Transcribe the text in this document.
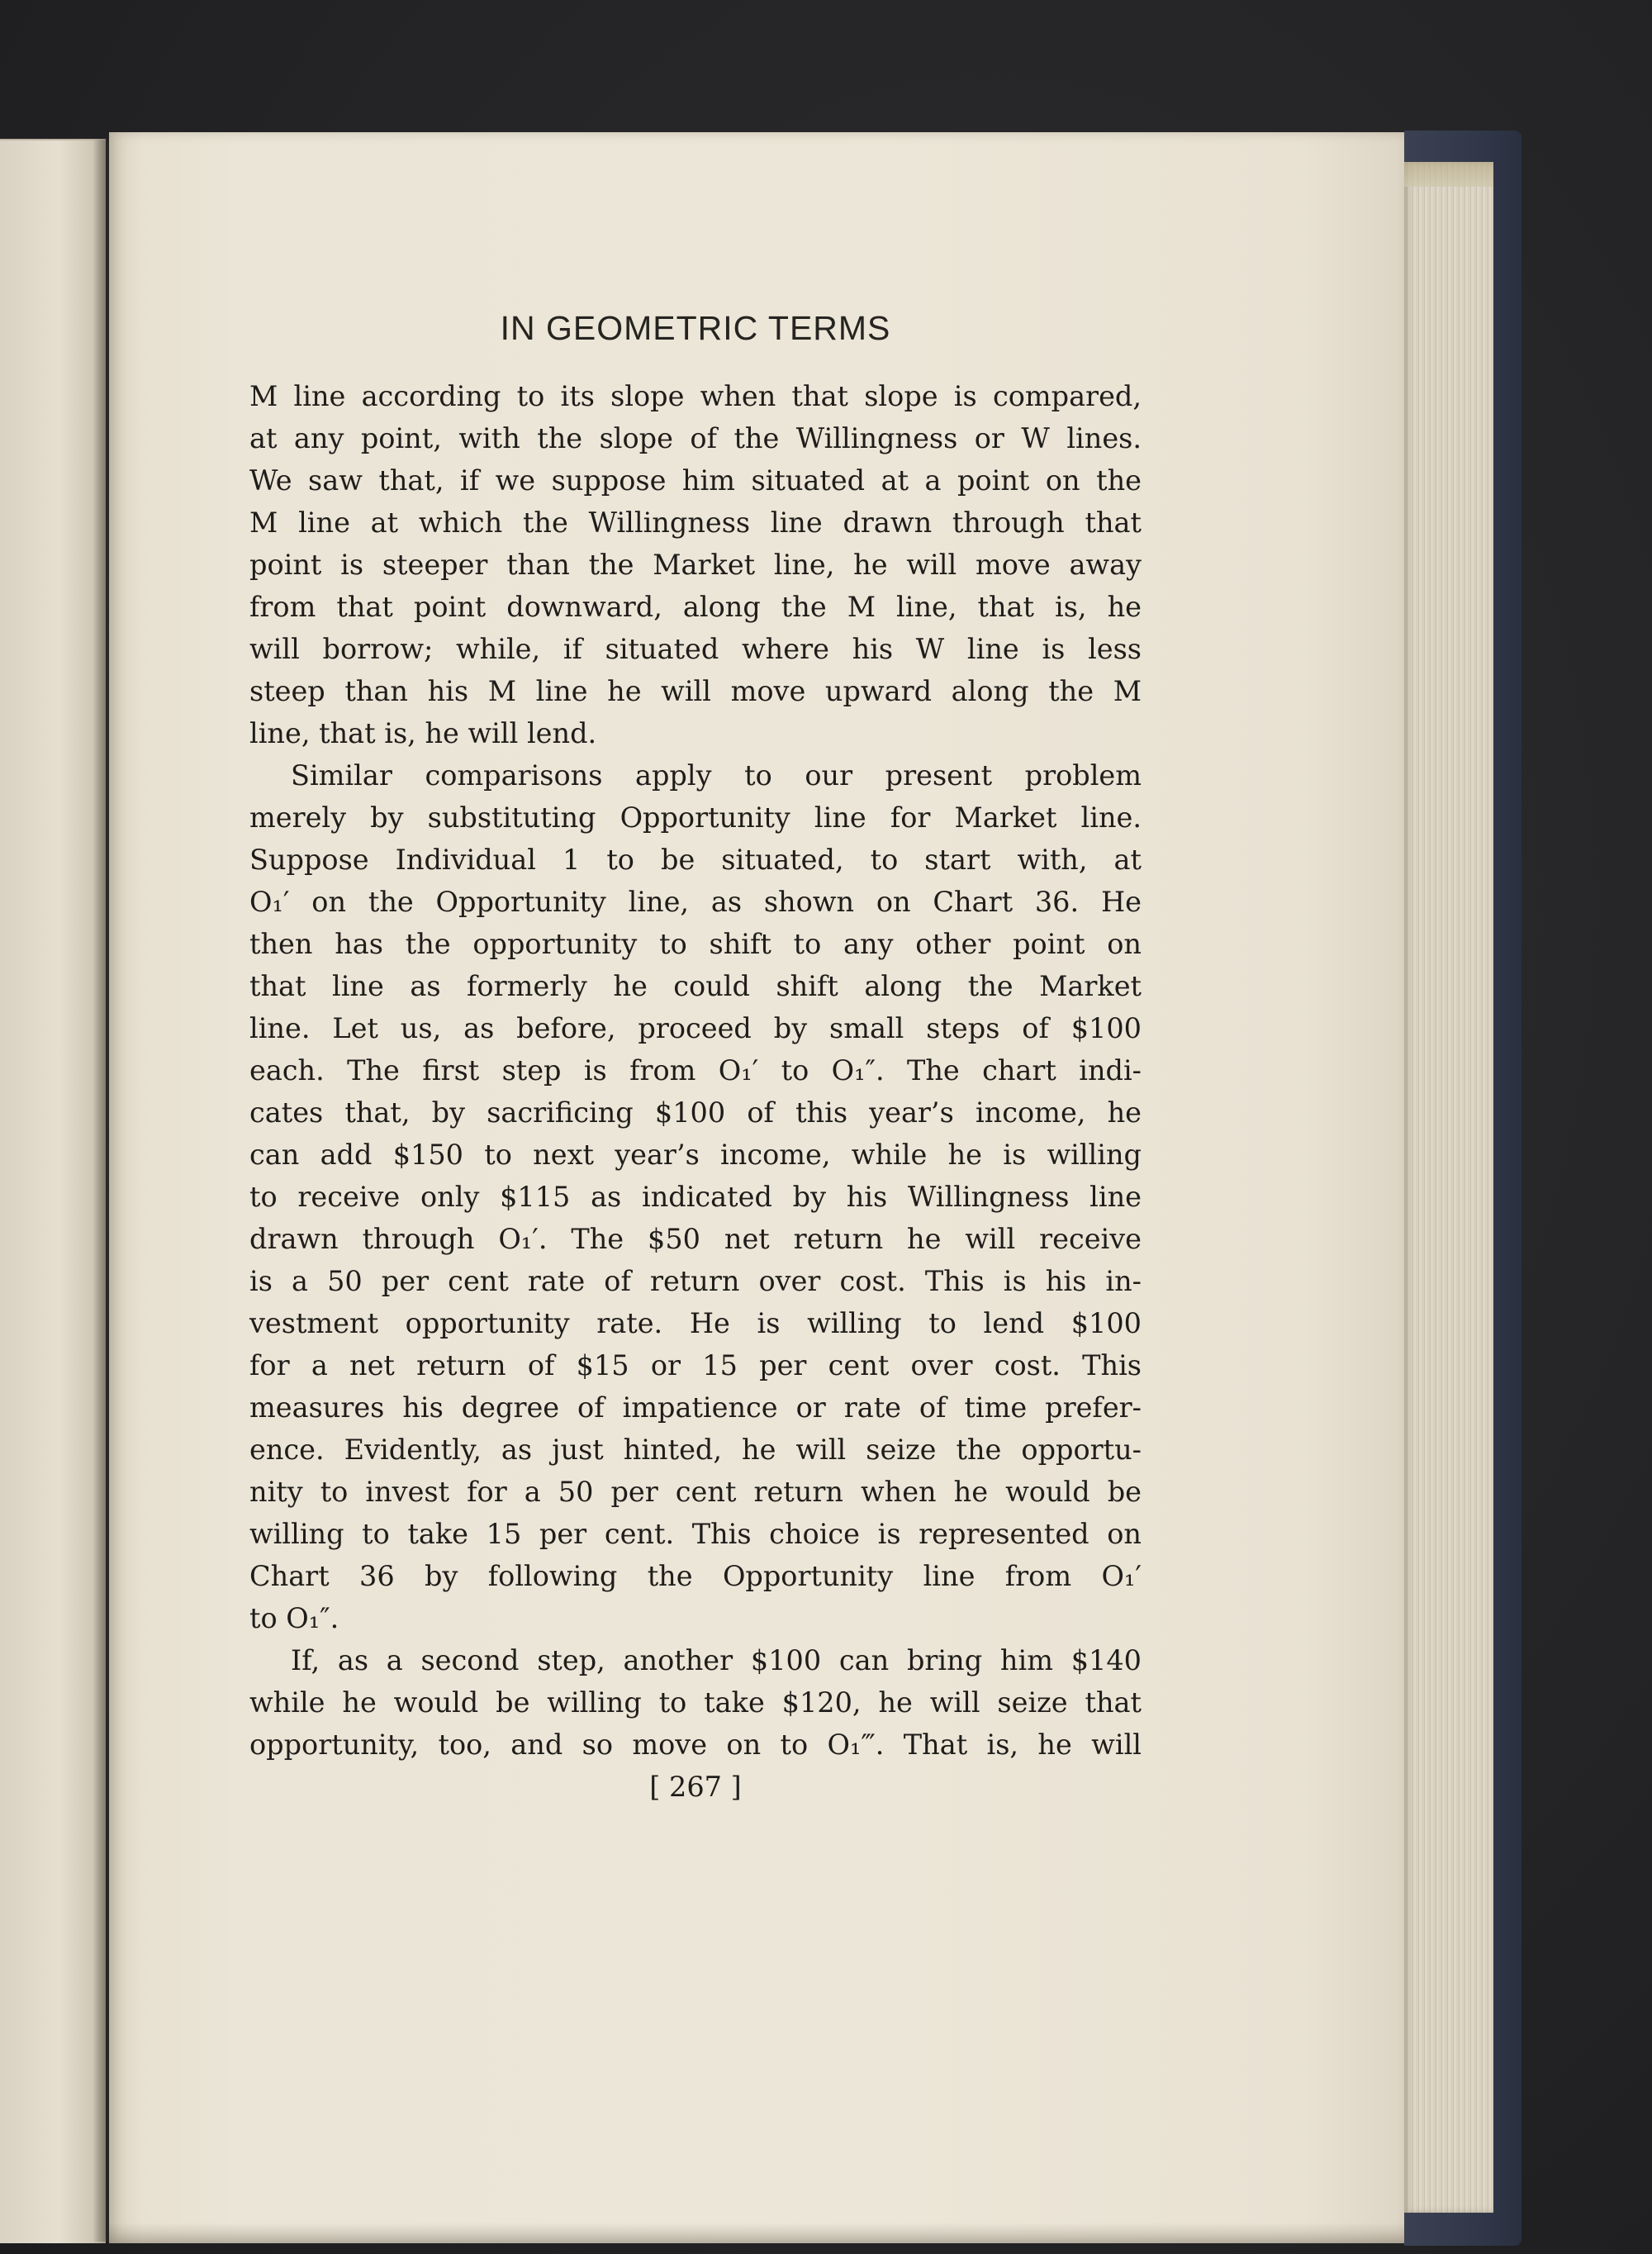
IN GEOMETRIC TERMS
M line according to its slope when that slope is compared,
at any point, with the slope of the Willingness or W lines.
We saw that, if we suppose him situated at a point on the
M line at which the Willingness line drawn through that
point is steeper than the Market line, he will move away
from that point downward, along the M line, that is, he
will borrow; while, if situated where his W line is less
steep than his M line he will move upward along the M
line, that is, he will lend.
Similar comparisons apply to our present problem
merely by substituting Opportunity line for Market line.
Suppose Individual 1 to be situated, to start with, at
O₁′ on the Opportunity line, as shown on Chart 36. He
then has the opportunity to shift to any other point on
that line as formerly he could shift along the Market
line. Let us, as before, proceed by small steps of $100
each. The first step is from O₁′ to O₁″. The chart indi-
cates that, by sacrificing $100 of this year’s income, he
can add $150 to next year’s income, while he is willing
to receive only $115 as indicated by his Willingness line
drawn through O₁′. The $50 net return he will receive
is a 50 per cent rate of return over cost. This is his in-
vestment opportunity rate. He is willing to lend $100
for a net return of $15 or 15 per cent over cost. This
measures his degree of impatience or rate of time prefer-
ence. Evidently, as just hinted, he will seize the opportu-
nity to invest for a 50 per cent return when he would be
willing to take 15 per cent. This choice is represented on
Chart 36 by following the Opportunity line from O₁′
to O₁″.
If, as a second step, another $100 can bring him $140
while he would be willing to take $120, he will seize that
opportunity, too, and so move on to O₁‴. That is, he will
[ 267 ]
